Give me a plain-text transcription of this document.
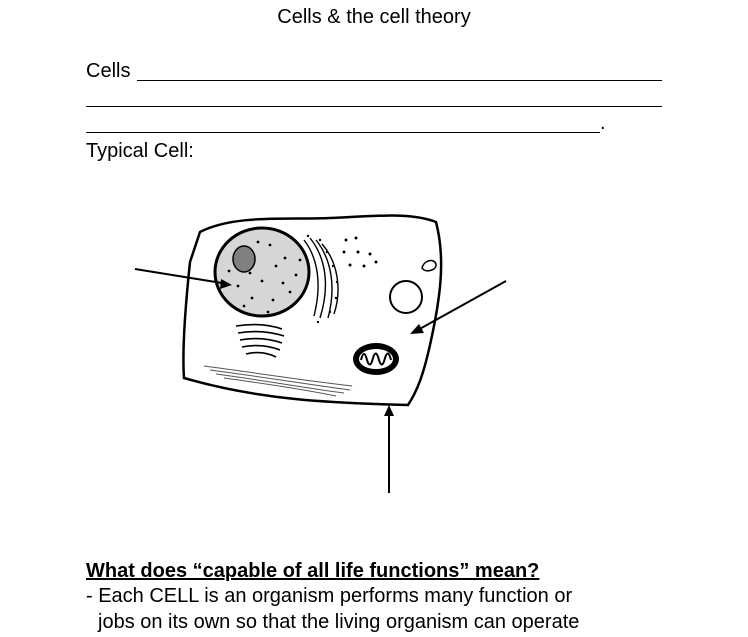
Cells & the cell theory
Cells
.
Typical Cell:
What does “capable of all life functions” mean?
- Each CELL is an organism performs many function or
jobs on its own so that the living organism can operate
